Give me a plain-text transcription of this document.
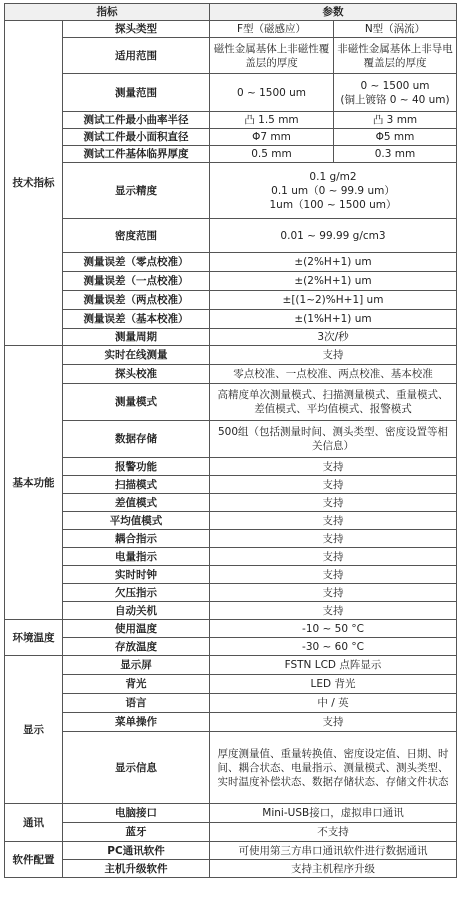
指标		参数	
技术指标	探头类型	F型（磁感应）	N型（涡流）
	适用范围	磁性金属基体上非磁性覆盖层的厚度	非磁性金属基体上非导电覆盖层的厚度
	测量范围	0 ~ 1500 um	0 ~ 1500 um
(铜上镀铬 0 ~ 40 um)

	测试工件最小曲率半径	凸 1.5 mm	凸 3 mm
	测试工件最小面积直径	Φ7 mm	Φ5 mm
	测试工件基体临界厚度	0.5 mm	0.3 mm
	显示精度	0.1 g/m2
0.1 um（0 ~ 99.9 um）
1um（100 ~ 1500 um）	

	密度范围	0.01 ~ 99.99 g/cm3	
	测量误差（零点校准）	±(2%H+1) um	
	测量误差（一点校准）	±(2%H+1) um	
	测量误差（两点校准）	±[(1~2)%H+1] um	
	测量误差（基本校准）	±(1%H+1) um	
	测量周期	3次/秒	
基本功能	实时在线测量	支持	
	探头校准	零点校准、一点校准、两点校准、基本校准	
	测量模式	高精度单次测量模式、扫描测量模式、重量模式、差值模式、平均值模式、报警模式	
	数据存储	500组（包括测量时间、测头类型、密度设置等相关信息）	
	报警功能	支持	
	扫描模式	支持	
	差值模式	支持	
	平均值模式	支持	
	耦合指示	支持	
	电量指示	支持	
	实时时钟	支持	
	欠压指示	支持	
	自动关机	支持	
环境温度	使用温度	-10 ~ 50 °C	
	存放温度	-30 ~ 60 °C	
显示	显示屏	FSTN LCD 点阵显示	
	背光	LED 背光	
	语言	中 / 英	
	菜单操作	支持	
	显示信息	厚度测量值、重量转换值、密度设定值、日期、时间、耦合状态、电量指示、测量模式、测头类型、实时温度补偿状态、数据存储状态、存储文件状态	
通讯	电脑接口	Mini-USB接口，虚拟串口通讯	
	蓝牙	不支持	
软件配置	PC通讯软件	可使用第三方串口通讯软件进行数据通讯	
	主机升级软件	支持主机程序升级	
